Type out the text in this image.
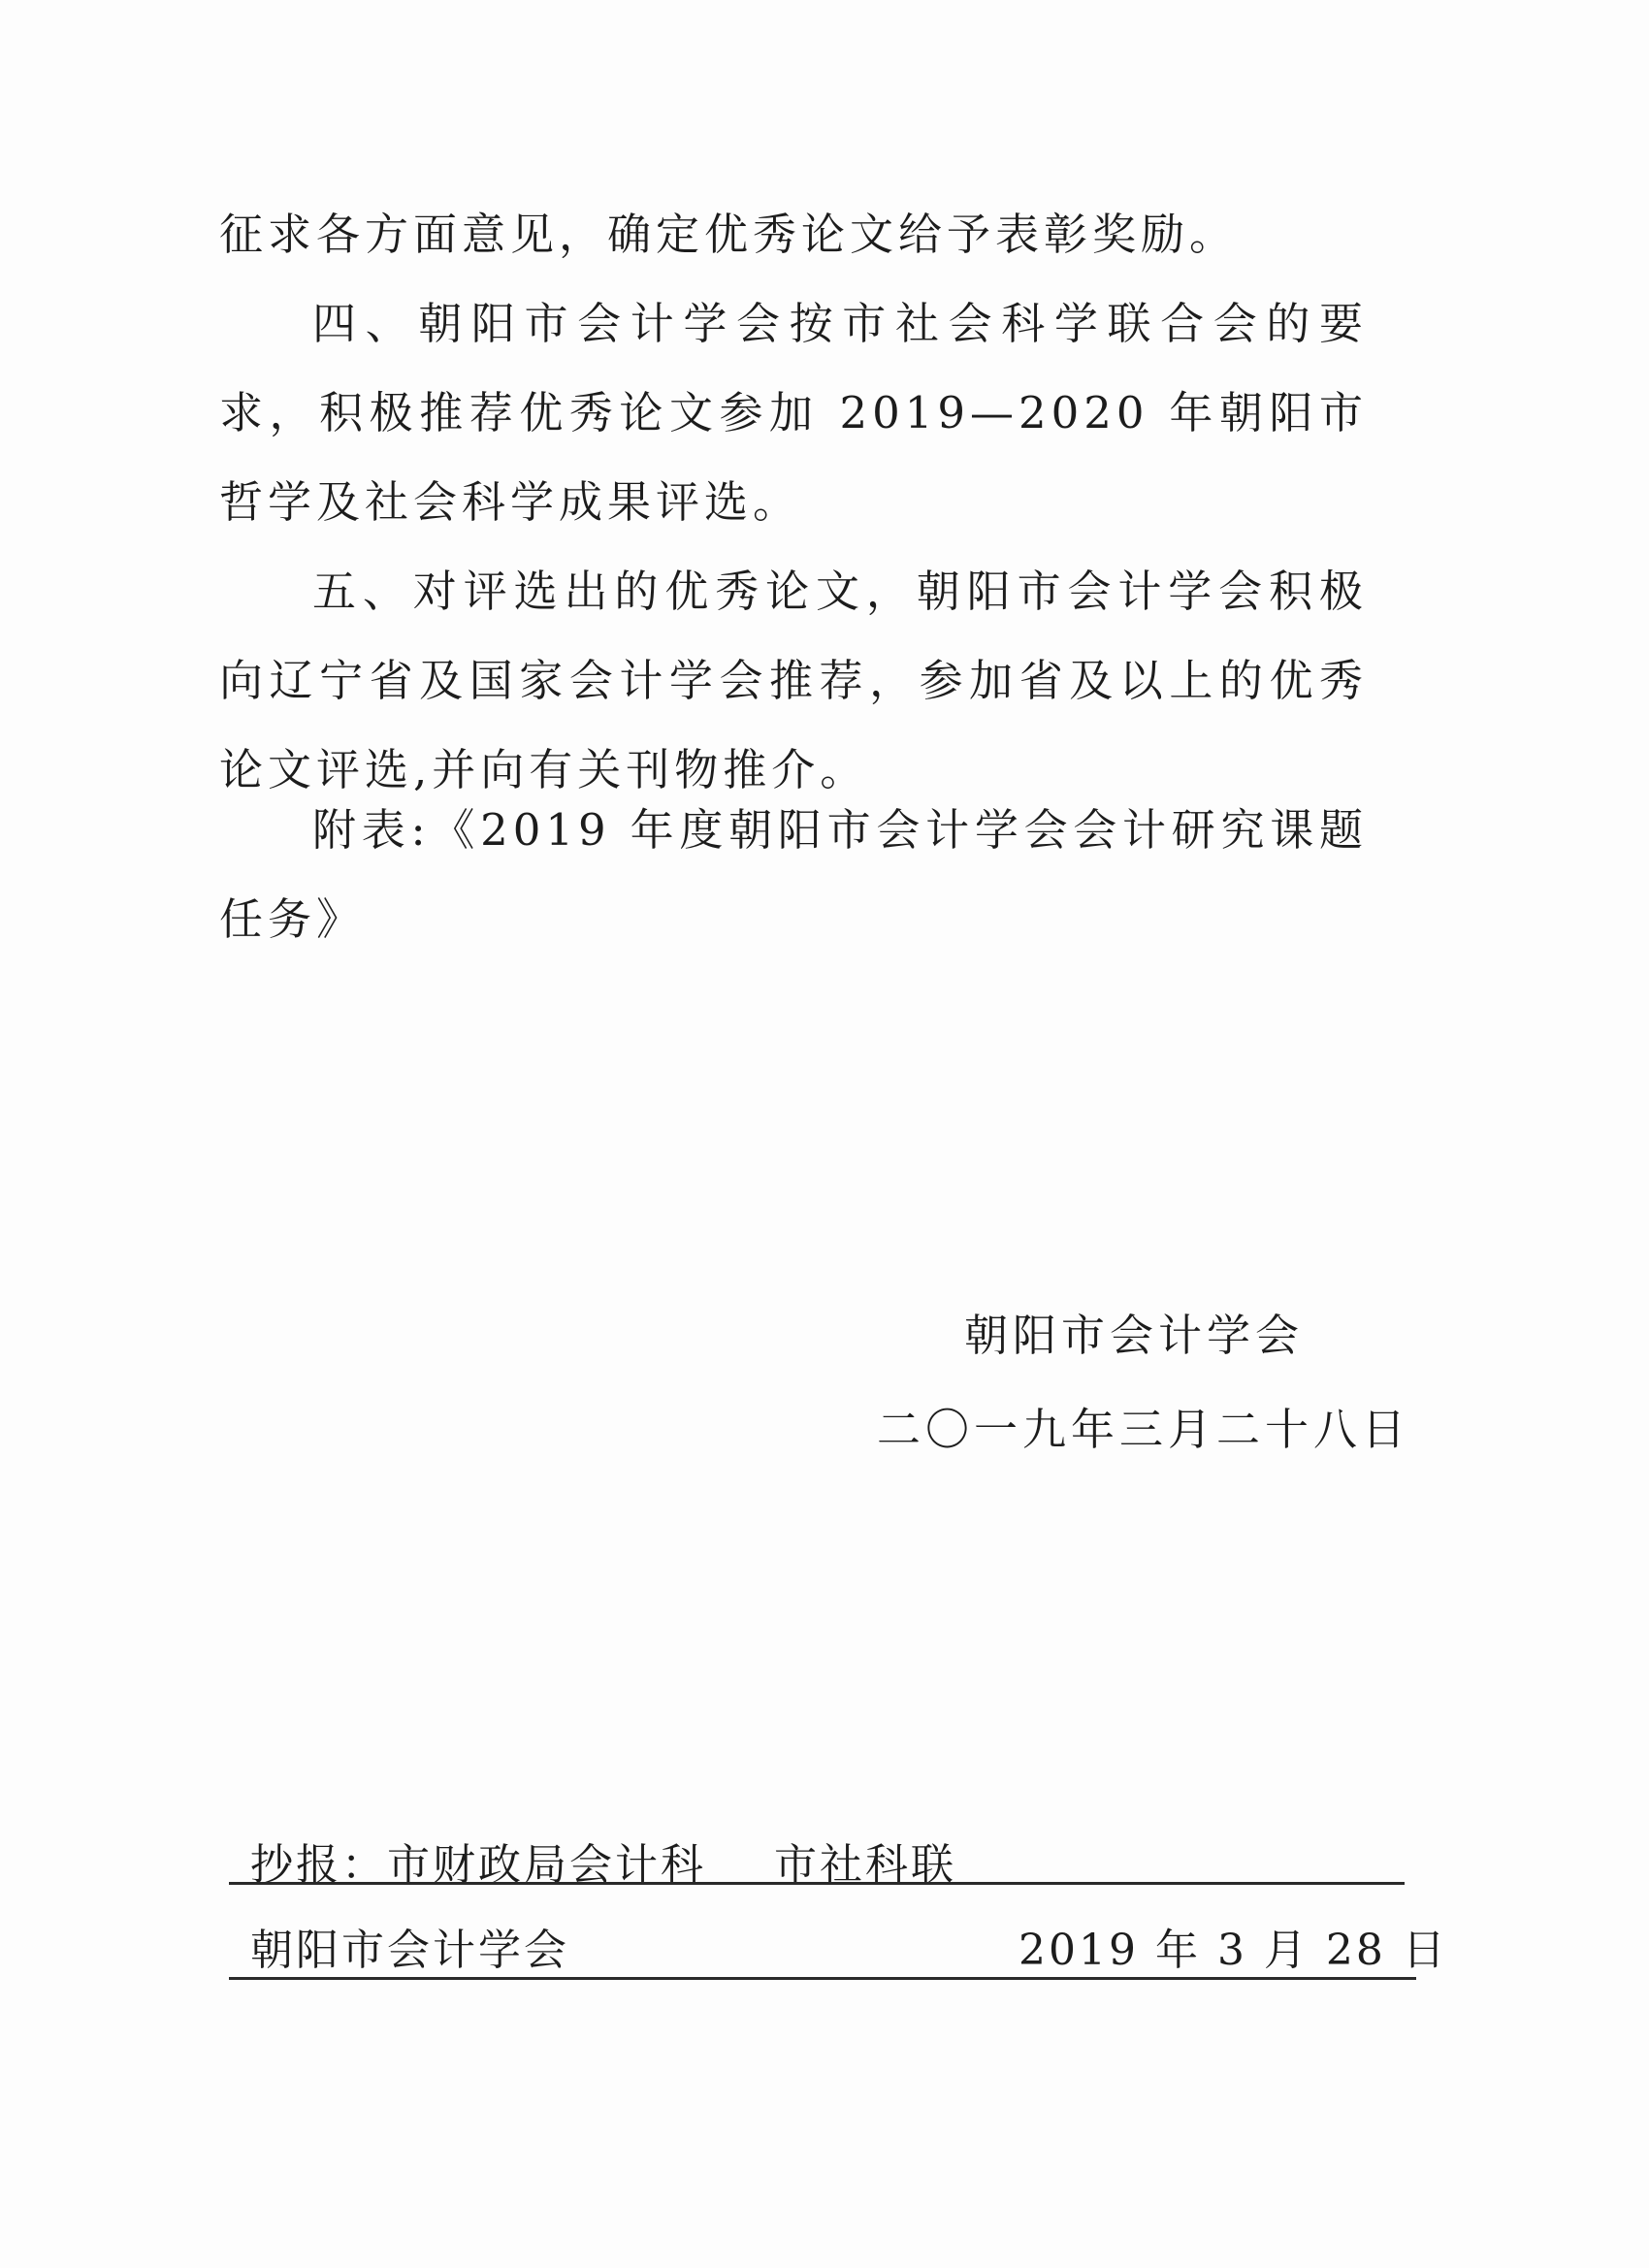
征求各方面意见，确定优秀论文给予表彰奖励。

四、朝阳市会计学会按市社会科学联合会的要求，积极推荐优秀论文参加 2019—2020 年朝阳市哲学及社会科学成果评选。

五、对评选出的优秀论文，朝阳市会计学会积极向辽宁省及国家会计学会推荐，参加省及以上的优秀论文评选,并向有关刊物推介。

附表:《2019 年度朝阳市会计学会会计研究课题任务》

朝阳市会计学会
二〇一九年三月二十八日
抄报：市财政局会计科 市社科联
朝阳市会计学会	2019 年 3 月 28 日
